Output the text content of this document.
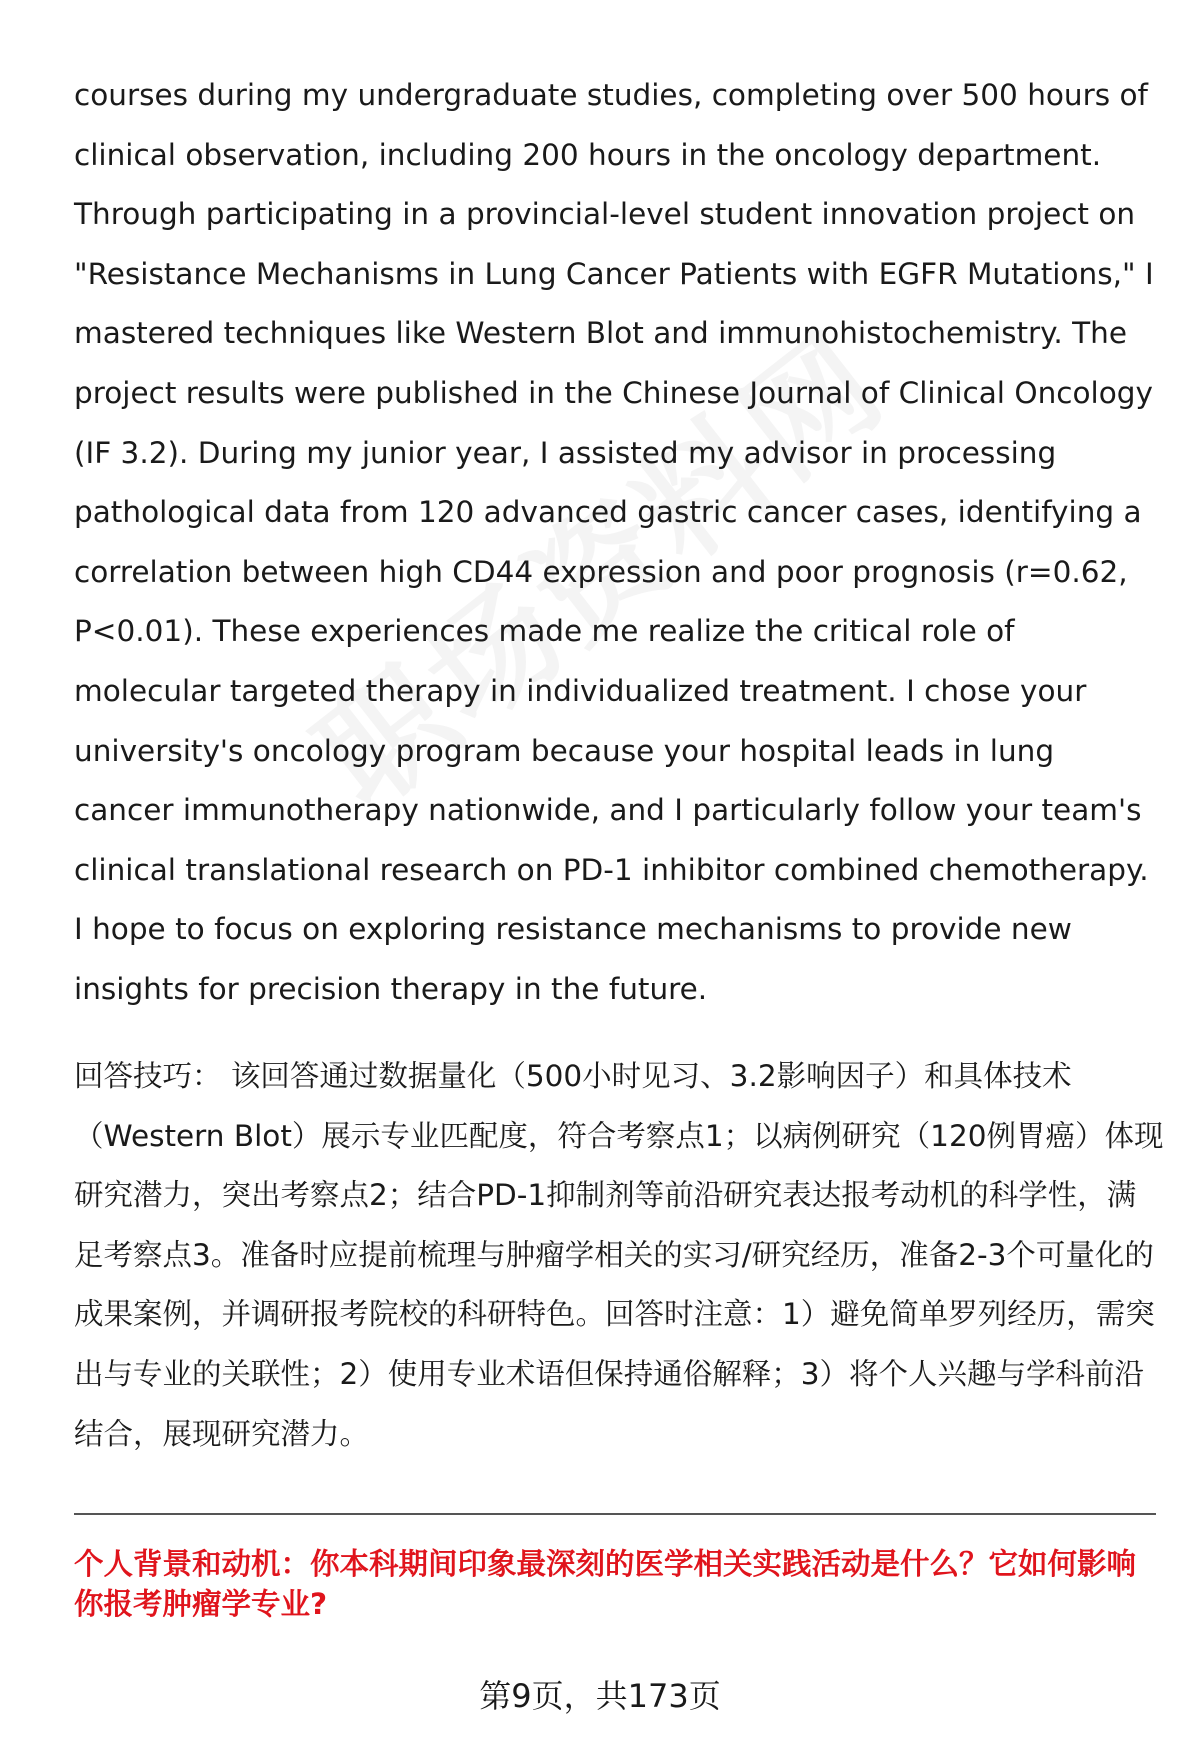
courses during my undergraduate studies, completing over 500 hours of clinical observation, including 200 hours in the oncology department. Through participating in a provincial-level student innovation project on "Resistance Mechanisms in Lung Cancer Patients with EGFR Mutations," I mastered techniques like Western Blot and immunohistochemistry. The project results were published in the Chinese Journal of Clinical Oncology (IF 3.2). During my junior year, I assisted my advisor in processing pathological data from 120 advanced gastric cancer cases, identifying a correlation between high CD44 expression and poor prognosis (r=0.62, P<0.01). These experiences made me realize the critical role of molecular targeted therapy in individualized treatment. I chose your university's oncology program because your hospital leads in lung cancer immunotherapy nationwide, and I particularly follow your team's clinical translational research on PD-1 inhibitor combined chemotherapy. I hope to focus on exploring resistance mechanisms to provide new insights for precision therapy in the future.

回答技巧： 该回答通过数据量化（500小时见习、3.2影响因子）和具体技术（Western Blot）展示专业匹配度，符合考察点1；以病例研究（120例胃癌）体现研究潜力，突出考察点2；结合PD-1抑制剂等前沿研究表达报考动机的科学性，满足考察点3。准备时应提前梳理与肿瘤学相关的实习/研究经历，准备2-3个可量化的成果案例，并调研报考院校的科研特色。回答时注意：1）避免简单罗列经历，需突出与专业的关联性；2）使用专业术语但保持通俗解释；3）将个人兴趣与学科前沿结合，展现研究潜力。

个人背景和动机：你本科期间印象最深刻的医学相关实践活动是什么？它如何影响你报考肿瘤学专业?

第9页，共173页
